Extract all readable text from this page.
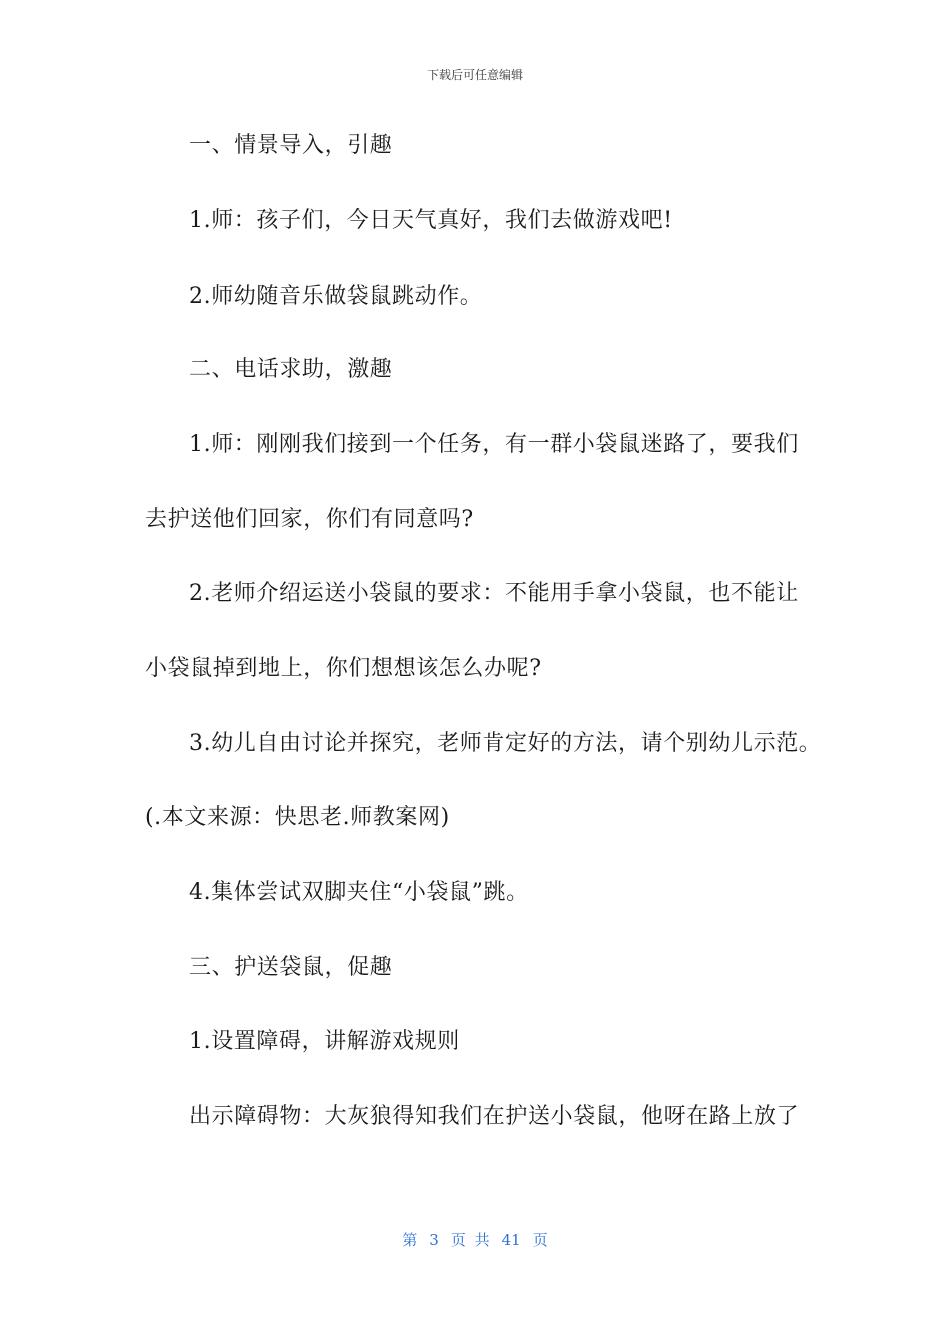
下载后可任意编辑
一、情景导入，引趣
1.师：孩子们，今日天气真好，我们去做游戏吧!
2.师幼随音乐做袋鼠跳动作。
二、电话求助，激趣
1.师：刚刚我们接到一个任务，有一群小袋鼠迷路了，要我们
去护送他们回家，你们有同意吗?
2.老师介绍运送小袋鼠的要求：不能用手拿小袋鼠，也不能让
小袋鼠掉到地上，你们想想该怎么办呢?
3.幼儿自由讨论并探究，老师肯定好的方法，请个别幼儿示范。
(.本文来源：快思老.师教案网)
4.集体尝试双脚夹住“小袋鼠”跳。
三、护送袋鼠，促趣
1.设置障碍，讲解游戏规则
出示障碍物：大灰狼得知我们在护送小袋鼠，他呀在路上放了
第 3 页 共 41 页
